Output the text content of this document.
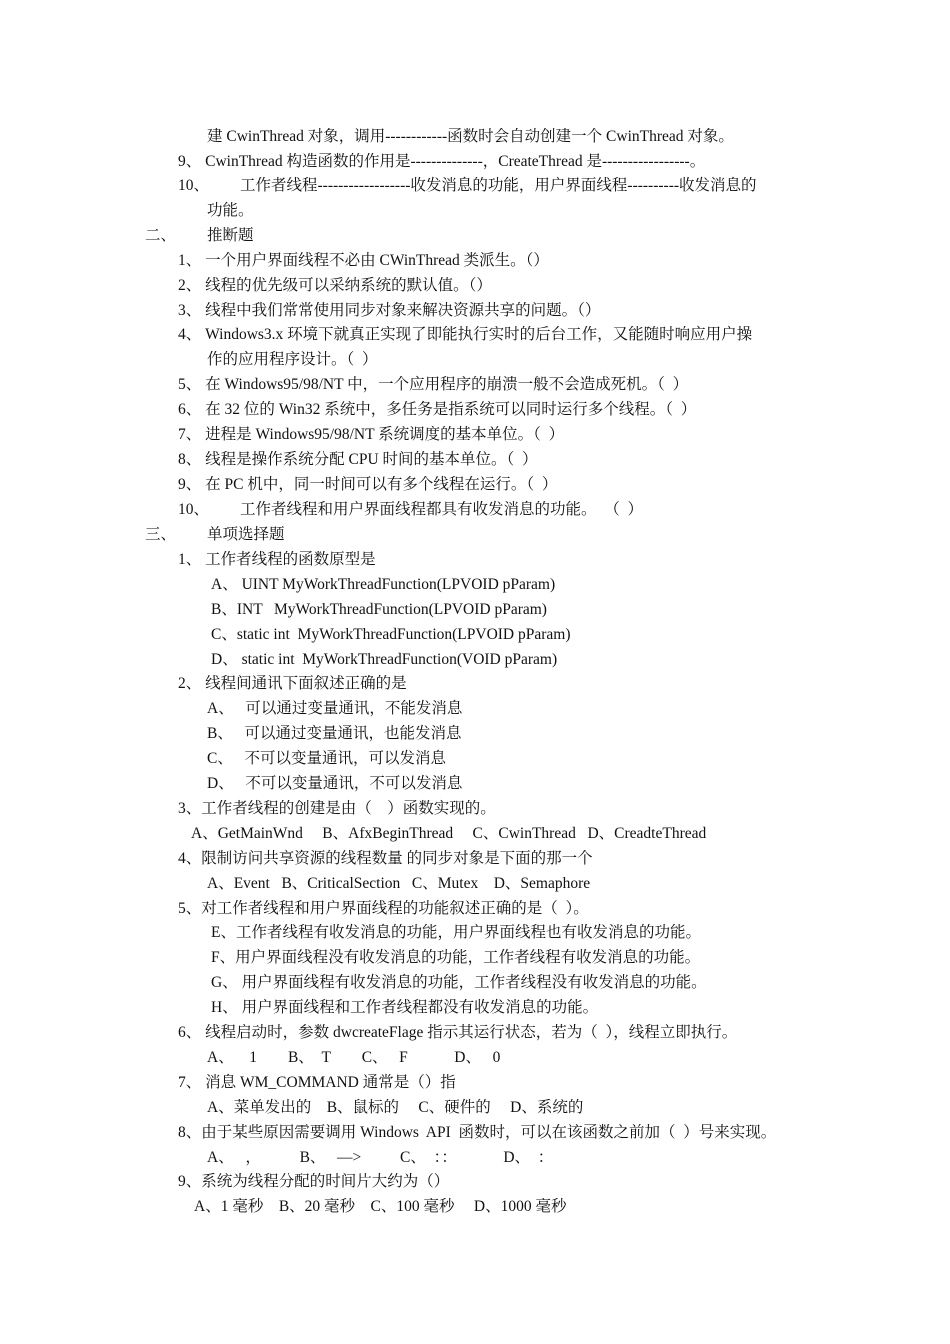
建 CwinThread 对象，调用------------函数时会自动创建一个 CwinThread 对象。
9、 CwinThread 构造函数的作用是--------------，CreateThread 是-----------------。
10、        工作者线程------------------收发消息的功能，用户界面线程----------收发消息的
功能。
二、        推断题
1、 一个用户界面线程不必由 CWinThread 类派生。（）
2、 线程的优先级可以采纳系统的默认值。（）
3、 线程中我们常常使用同步对象来解决资源共享的问题。（）
4、 Windows3.x 环境下就真正实现了即能执行实时的后台工作，又能随时响应用户操
作的应用程序设计。（  ）
5、 在 Windows95/98/NT 中，一个应用程序的崩溃一般不会造成死机。（  ）
6、 在 32 位的 Win32 系统中，多任务是指系统可以同时运行多个线程。（  ）
7、 进程是 Windows95/98/NT 系统调度的基本单位。（  ）
8、 线程是操作系统分配 CPU 时间的基本单位。（  ）
9、 在 PC 机中，同一时间可以有多个线程在运行。（  ）
10、        工作者线程和用户界面线程都具有收发消息的功能。  （  ）
三、        单项选择题
1、 工作者线程的函数原型是
A、 UINT MyWorkThreadFunction(LPVOID pParam)
B、INT   MyWorkThreadFunction(LPVOID pParam)
C、static int  MyWorkThreadFunction(LPVOID pParam)
D、 static int  MyWorkThreadFunction(VOID pParam)
2、 线程间通讯下面叙述正确的是
A、   可以通过变量通讯，不能发消息
B、   可以通过变量通讯，也能发消息
C、   不可以变量通讯，可以发消息
D、   不可以变量通讯，不可以发消息
3、工作者线程的创建是由（    ）函数实现的。
A、GetMainWnd     B、AfxBeginThread     C、CwinThread   D、CreadteThread
4、限制访问共享资源的线程数量 的同步对象是下面的那一个
A、Event   B、CriticalSection   C、Mutex    D、Semaphore
5、对工作者线程和用户界面线程的功能叙述正确的是（  ）。
E、工作者线程有收发消息的功能，用户界面线程也有收发消息的功能。
F、用户界面线程没有收发消息的功能，工作者线程有收发消息的功能。
G、 用户界面线程有收发消息的功能，工作者线程没有收发消息的功能。
H、 用户界面线程和工作者线程都没有收发消息的功能。
6、 线程启动时，参数 dwcreateFlage 指示其运行状态，若为（  ），线程立即执行。
A、    1        B、  T        C、   F            D、   0
7、 消息 WM_COMMAND 通常是（）指
A、菜单发出的    B、鼠标的     C、硬件的     D、系统的
8、由于某些原因需要调用 Windows  API  函数时，可以在该函数之前加（  ）号来实现。
A、   ，          B、   —>          C、  ：：            D、  ：
9、系统为线程分配的时间片大约为（）
A、1 毫秒    B、20 毫秒    C、100 毫秒     D、1000 毫秒
